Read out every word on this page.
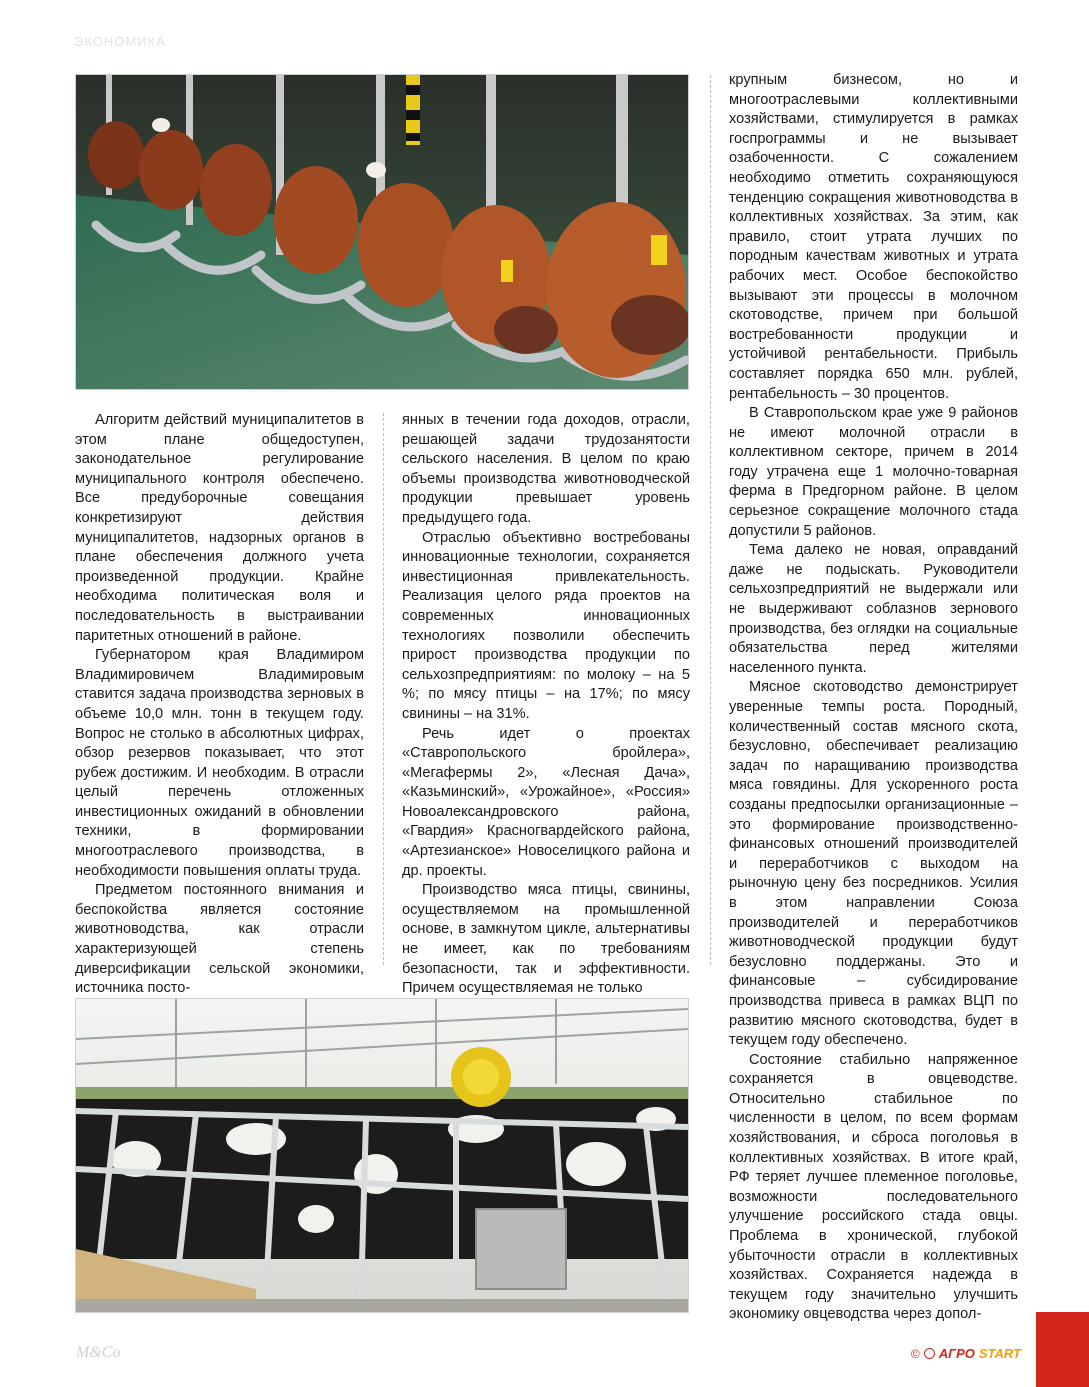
ЭКОНОМИКА

Алгоритм действий муниципалитетов в этом плане общедоступен, законодательное регулирование муниципального контроля обеспечено. Все предуборочные совещания конкретизируют действия муниципалитетов, надзорных органов в плане обеспечения должного учета произведенной продукции. Крайне необходима политическая воля и последовательность в выстраивании паритетных отношений в районе.

Губернатором края Владимиром Владимировичем Владимировым ставится задача производства зерновых в объеме 10,0 млн. тонн в текущем году. Вопрос не столько в абсолютных цифрах, обзор резервов показывает, что этот рубеж достижим. И необходим. В отрасли целый перечень отложенных инвестиционных ожиданий в обновлении техники, в формировании многоотраслевого производства, в необходимости повышения оплаты труда.

Предметом постоянного внимания и беспокойства является состояние животноводства, как отрасли характеризующей степень диверсификации сельской экономики, источника посто-

янных в течении года доходов, отрасли, решающей задачи трудозанятости сельского населения. В целом по краю объемы производства животноводческой продукции превышает уровень предыдущего года.

Отраслью объективно востребованы инновационные технологии, сохраняется инвестиционная привлекательность. Реализация целого ряда проектов на современных инновационных технологиях позволили обеспечить прирост производства продукции по сельхозпредприятиям: по молоку – на 5 %; по мясу птицы – на 17%; по мясу свинины – на 31%.

Речь идет о проектах «Ставропольского бройлера», «Мегафермы 2», «Лесная Дача», «Казьминский», «Урожайное», «Россия» Новоалександровского района, «Гвардия» Красногвардейского района, «Артезианское» Новоселицкого района и др. проекты.

Производство мяса птицы, свинины, осуществляемом на промышленной основе, в замкнутом цикле, альтернативы не имеет, как по требованиям безопасности, так и эффективности. Причем осуществляемая не только

крупным бизнесом, но и многоотраслевыми коллективными хозяйствами, стимулируется в рамках госпрограммы и не вызывает озабоченности. С сожалением необходимо отметить сохраняющуюся тенденцию сокращения животноводства в коллективных хозяйствах. За этим, как правило, стоит утрата лучших по породным качествам животных и утрата рабочих мест. Особое беспокойство вызывают эти процессы в молочном скотоводстве, причем при большой востребованности продукции и устойчивой рентабельности. Прибыль составляет порядка 650 млн. рублей, рентабельность – 30 процентов.

В Ставропольском крае уже 9 районов не имеют молочной отрасли в коллективном секторе, причем в 2014 году утрачена еще 1 молочно-товарная ферма в Предгорном районе. В целом серьезное сокращение молочного стада допустили 5 районов.

Тема далеко не новая, оправданий даже не подыскать. Руководители сельхозпредприятий не выдержали или не выдерживают соблазнов зернового производства, без оглядки на социальные обязательства перед жителями населенного пункта.

Мясное скотоводство демонстрирует уверенные темпы роста. Породный, количественный состав мясного скота, безусловно, обеспечивает реализацию задач по наращиванию производства мяса говядины. Для ускоренного роста созданы предпосылки организационные – это формирование производственно-финансовых отношений производителей и переработчиков с выходом на рыночную цену без посредников. Усилия в этом направлении Союза производителей и переработчиков животноводческой продукции будут безусловно поддержаны. Это и финансовые – субсидирование производства привеса в рамках ВЦП по развитию мясного скотоводства, будет в текущем году обеспечено.

Состояние стабильно напряженное сохраняется в овцеводстве. Относительно стабильное по численности в целом, по всем формам хозяйствования, и сброса поголовья в коллективных хозяйствах. В итоге край, РФ теряет лучшее племенное поголовье, возможности последовательного улучшение российского стада овцы. Проблема в хронической, глубокой убыточности отрасли в коллективных хозяйствах. Сохраняется надежда в текущем году значительно улучшить экономику овцеводства через допол-

М&Со	© АГРО START
